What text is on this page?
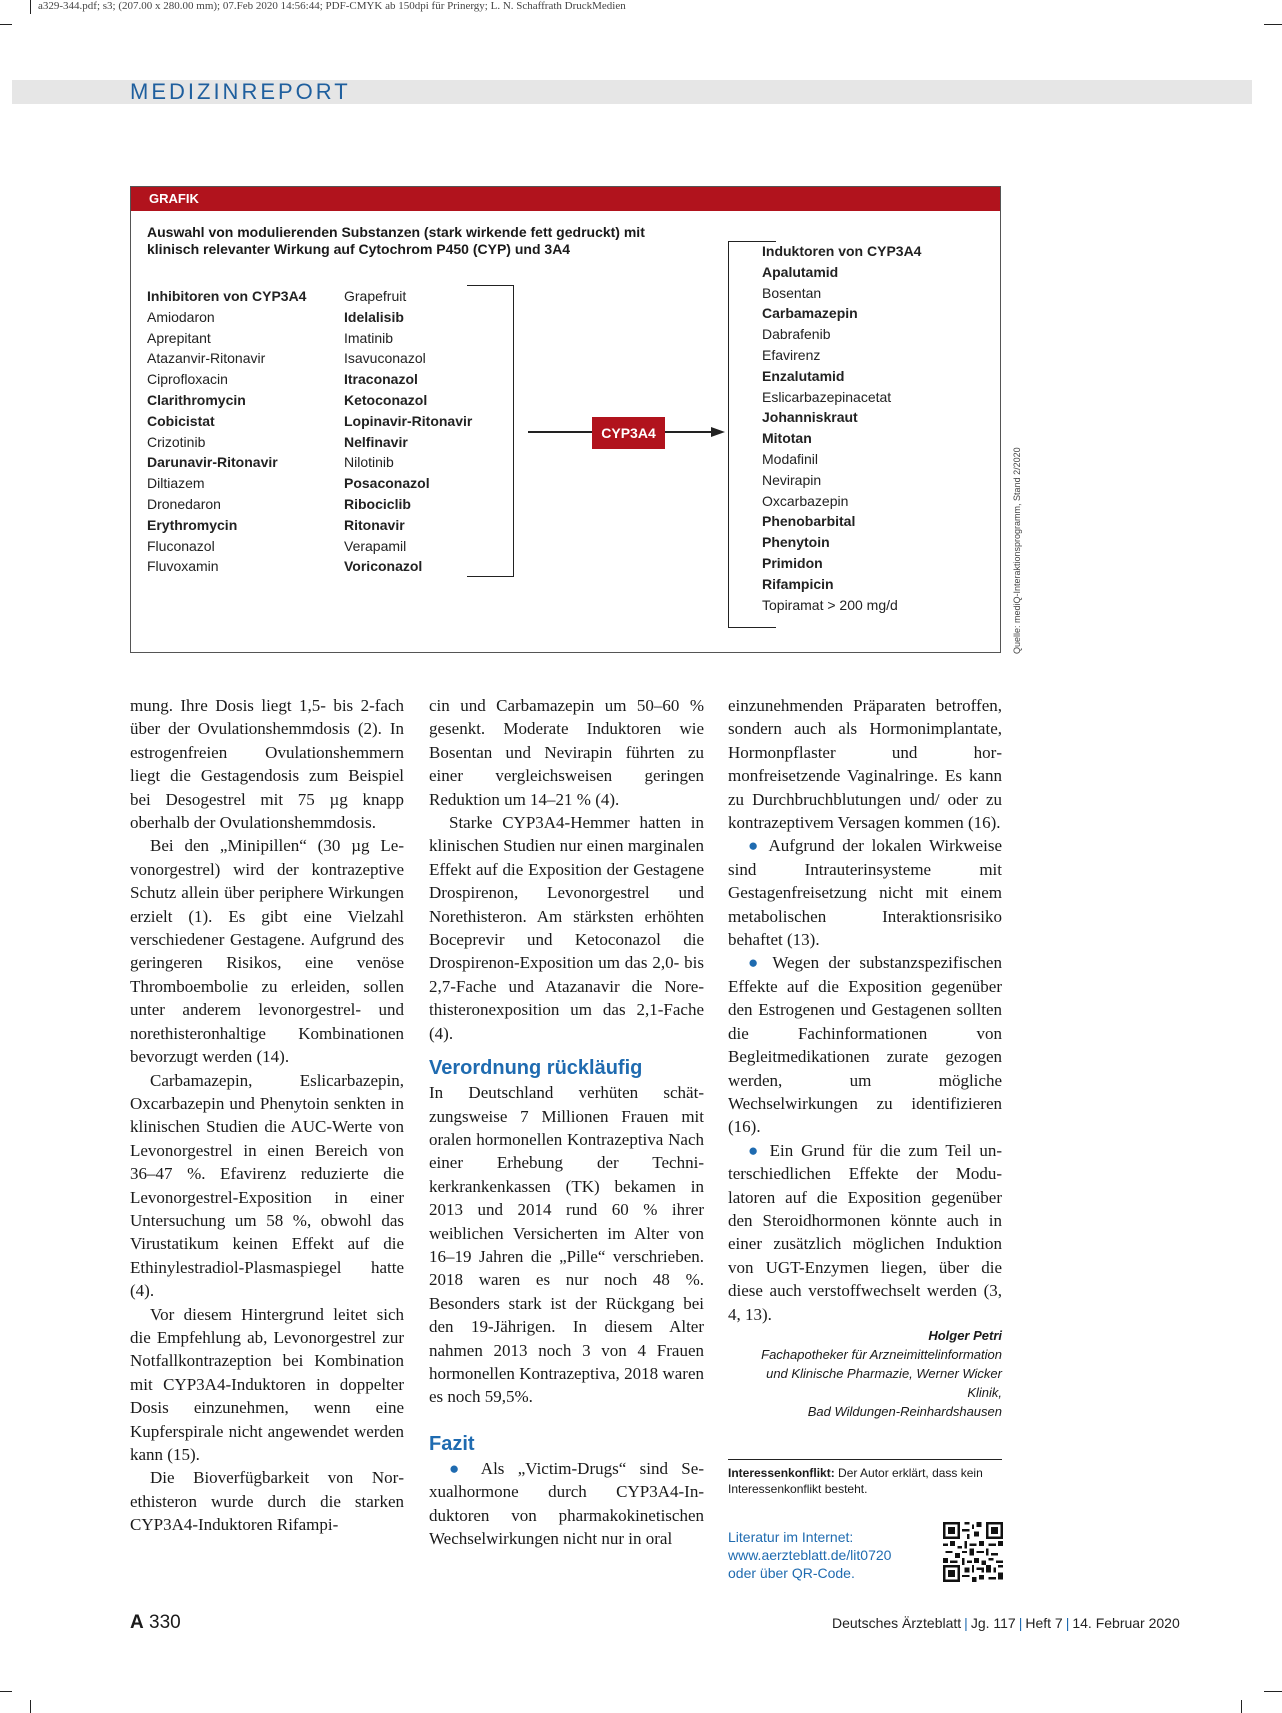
a329-344.pdf; s3; (207.00 x 280.00 mm); 07.Feb 2020 14:56:44; PDF-CMYK ab 150dpi für Prinergy; L. N. Schaffrath DruckMedien
MEDIZINREPORT
GRAFIK
Auswahl von modulierenden Substanzen (stark wirkende fett gedruckt) mit
klinisch relevanter Wirkung auf Cytochrom P450 (CYP) und 3A4
Inhibitoren von CYP3A4
Amiodaron
Aprepitant
Atazanvir-Ritonavir
Ciprofloxacin
Clarithromycin
Cobicistat
Crizotinib
Darunavir-Ritonavir
Diltiazem
Dronedaron
Erythromycin
Fluconazol
Fluvoxamin
Grapefruit
Idelalisib
Imatinib
Isavuconazol
Itraconazol
Ketoconazol
Lopinavir-Ritonavir
Nelfinavir
Nilotinib
Posaconazol
Ribociclib
Ritonavir
Verapamil
Voriconazol
CYP3A4
Induktoren von CYP3A4
Apalutamid
Bosentan
Carbamazepin
Dabrafenib
Efavirenz
Enzalutamid
Eslicarbazepinacetat
Johanniskraut
Mitotan
Modafinil
Nevirapin
Oxcarbazepin
Phenobarbital
Phenytoin
Primidon
Rifampicin
Topiramat > 200 mg/d	Quelle: mediQ-Interaktionsprogramm, Stand 2/2020

mung. Ihre Dosis liegt 1,5- bis 2-fach über der Ovulationshemmdosis (2). In estrogenfreien Ovulationshemmern liegt die Gestagendosis zum Beispiel bei Desogestrel mit 75 µg knapp oberhalb der Ovulationshemmdosis.

Bei den „Minipillen“ (30 µg Levonorgestrel) wird der kontrazeptive Schutz allein über periphere Wirkungen erzielt (1). Es gibt eine Vielzahl verschiedener Gestagene. Aufgrund des geringeren Risikos, eine venöse Thromboembolie zu erleiden, sollen unter anderem levonorgestrel- und norethisteronhaltige Kombinationen bevorzugt werden (14).

Carbamazepin, Eslicarbazepin, Oxcarbazepin und Phenytoin senkten in klinischen Studien die AUC-Werte von Levonorgestrel in einen Bereich von 36–47 %. Efavirenz reduzierte die Levonorgestrel-Exposition in einer Untersuchung um 58 %, obwohl das Virustatikum keinen Effekt auf die Ethinylestradiol-Plasmaspiegel hatte (4).

Vor diesem Hintergrund leitet sich die Empfehlung ab, Levonorgestrel zur Notfallkontrazeption bei Kombination mit CYP3A4-Induktoren in doppelter Dosis einzunehmen, wenn eine Kupferspirale nicht angewendet werden kann (15).

Die Bioverfügbarkeit von Norethisteron wurde durch die starken CYP3A4-Induktoren Rifampi-

cin und Carbamazepin um 50–60 % gesenkt. Moderate Induktoren wie Bosentan und Nevirapin führten zu einer vergleichsweisen geringen Reduktion um 14–21 % (4).

Starke CYP3A4-Hemmer hatten in klinischen Studien nur einen marginalen Effekt auf die Exposition der Gestagene Drospirenon, Levonorgestrel und Norethisteron. Am stärksten erhöhten Boceprevir und Ketoconazol die Drospirenon-Exposition um das 2,0- bis 2,7-Fache und Atazanavir die Norethisteronexposition um das 2,1-Fache (4).

Verordnung rückläufig

In Deutschland verhüten schätzungsweise 7 Millionen Frauen mit oralen hormonellen Kontrazeptiva Nach einer Erhebung der Technikerkrankenkassen (TK) bekamen in 2013 und 2014 rund 60 % ihrer weiblichen Versicherten im Alter von 16–19 Jahren die „Pille“ verschrieben. 2018 waren es nur noch 48 %. Besonders stark ist der Rückgang bei den 19-Jährigen. In diesem Alter nahmen 2013 noch 3 von 4 Frauen hormonellen Kontrazeptiva, 2018 waren es noch 59,5%.

Fazit

● Als „Victim-Drugs“ sind Sexualhormone durch CYP3A4-Induktoren von pharmakokinetischen Wechselwirkungen nicht nur in oral

einzunehmenden Präparaten betroffen, sondern auch als Hormonimplantate, Hormonpflaster und hormonfreisetzende Vaginalringe. Es kann zu Durchbruchblutungen und/ oder zu kontrazeptivem Versagen kommen (16).

● Aufgrund der lokalen Wirkweise sind Intrauterinsysteme mit Gestagenfreisetzung nicht mit einem metabolischen Interaktionsrisiko behaftet (13).

● Wegen der substanzspezifischen Effekte auf die Exposition gegenüber den Estrogenen und Gestagenen sollten die Fachinformationen von Begleitmedikationen zurate gezogen werden, um mögliche Wechselwirkungen zu identifizieren (16).

● Ein Grund für die zum Teil unterschiedlichen Effekte der Modulatoren auf die Exposition gegenüber den Steroidhormonen könnte auch in einer zusätzlich möglichen Induktion von UGT-Enzymen liegen, über die diese auch verstoffwechselt werden (3, 4, 13).

Holger Petri
Fachapotheker für Arzneimittelinformation
und Klinische Pharmazie, Werner Wicker Klinik,
Bad Wildungen-Reinhardshausen
Interessenkonflikt: Der Autor erklärt, dass kein Interessenkonflikt besteht.
Literatur im Internet:
www.aerzteblatt.de/lit0720
oder über QR-Code.
A 330	Deutsches Ärzteblatt | Jg. 117 | Heft 7 | 14. Februar 2020
